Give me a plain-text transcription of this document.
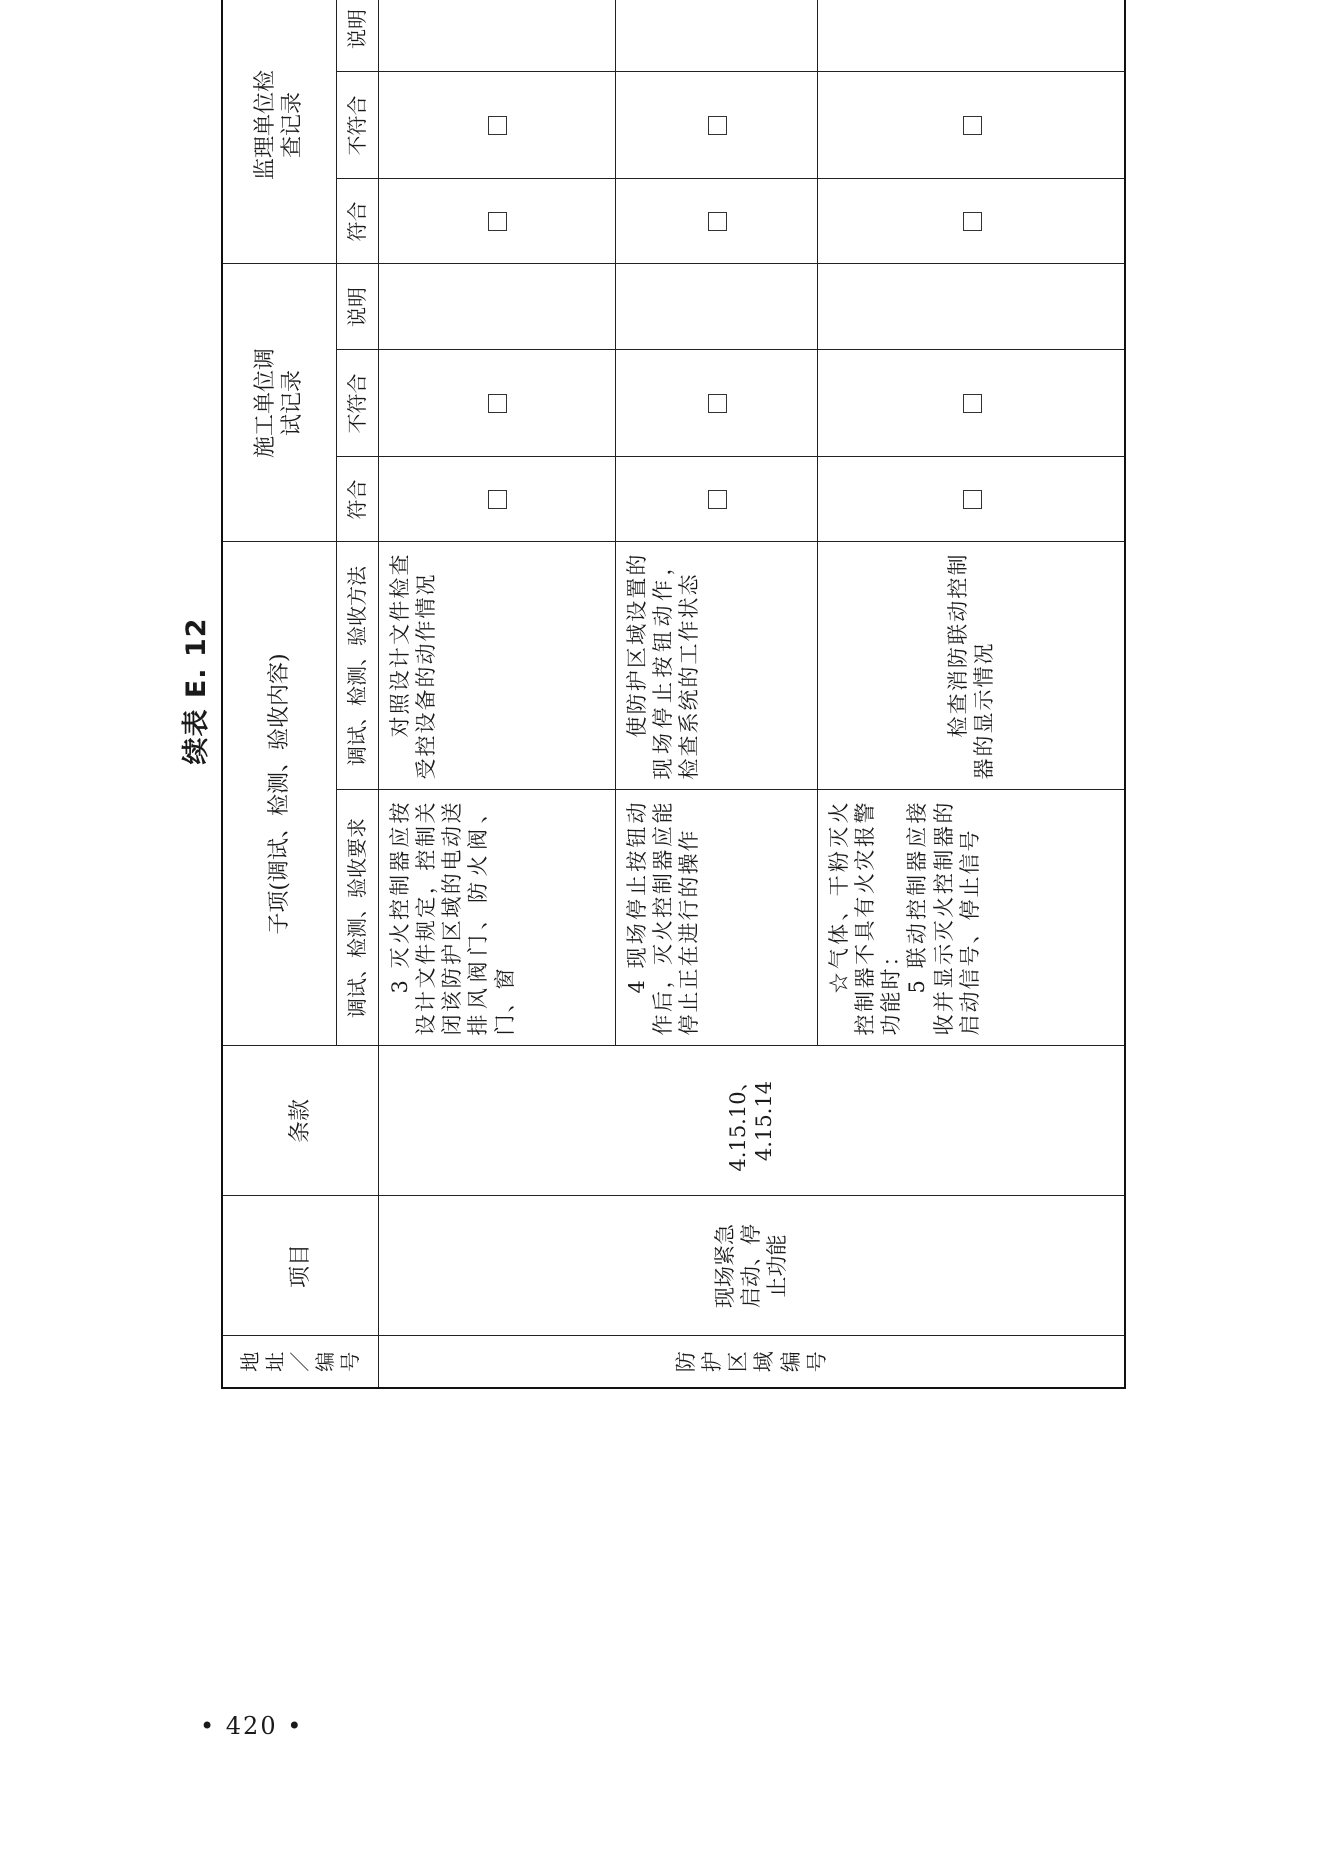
续表 E. 12
地址／编号	项目	条款	子项(调试、检测、验收内容)		施工单位调试记录			监理单位检查记录	
			调试、检测、验收要求	调试、检测、验收方法	符合	不符合	说明	符合	不符合	说明			
防护区域编号	现场紧急启动、停止功能	4.15.10、4.15.14	3 灭火控制器应按设计文件规定，控制关闭该防护区域的电动送排风阀门、防火阀、门、窗	对照设计文件检查受控设备的动作情况

			4 现场停止按钮动作后，灭火控制器应能停止正在进行的操作	使防护区域设置的现场停止按钮动作，检查系统的工作状态

			☆气体、干粉灭火控制器不具有火灾报警功能时： 5 联动控制器应接收并显示灭火控制器的启动信号、停止信号	检查消防联动控制器的显示情况

• 420 •
